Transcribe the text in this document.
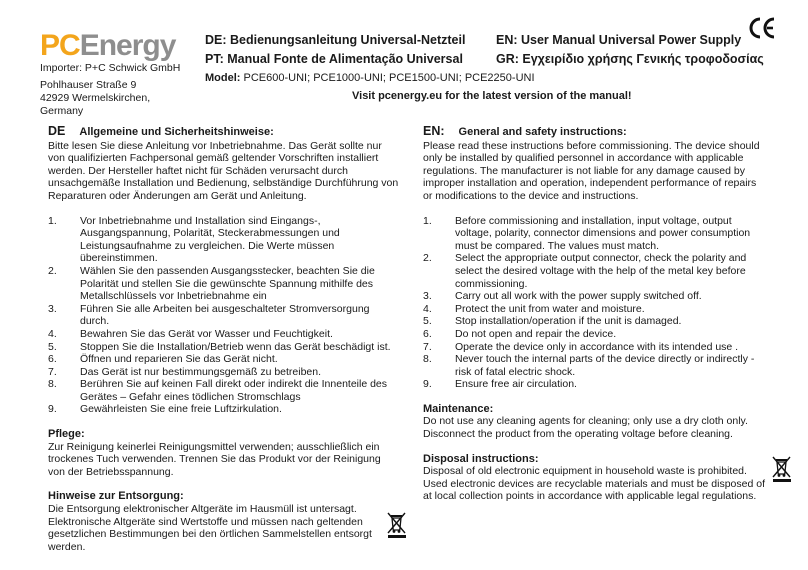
PCEnergy
Importer: P+C Schwick GmbH
Pohlhauser Straße 9
42929 Wermelskirchen,
Germany
DE: Bedienungsanleitung Universal-Netzteil
PT: Manual Fonte de Alimentação Universal
EN: User Manual Universal Power Supply
GR: Εγχειρίδιο χρήσης Γενικής τροφοδοσίας
Model: PCE600-UNI; PCE1000-UNI; PCE1500-UNI; PCE2250-UNI
Visit pcenergy.eu for the latest version of the manual!
DE Allgemeine und Sicherheitshinweise:
Bitte lesen Sie diese Anleitung vor Inbetriebnahme. Das Gerät sollte nur von qualifizierten Fachpersonal gemäß geltender Vorschriften installiert werden. Der Hersteller haftet nicht für Schäden verursacht durch unsachgemäße Installation und Bedienung, selbständige Durchführung von Reparaturen oder Änderungen am Gerät und Anleitung.
1.	Vor Inbetriebnahme und Installation sind Eingangs-, Ausgangspannung, Polarität, Steckerabmessungen und Leistungsaufnahme zu vergleichen. Die Werte müssen übereinstimmen.
2.	Wählen Sie den passenden Ausgangsstecker, beachten Sie die Polarität und stellen Sie die gewünschte Spannung mithilfe des Metallschlüssels vor Inbetriebnahme ein
3.	Führen Sie alle Arbeiten bei ausgeschalteter Stromversorgung durch.
4.	Bewahren Sie das Gerät vor Wasser und Feuchtigkeit.
5.	Stoppen Sie die Installation/Betrieb wenn das Gerät beschädigt ist.
6.	Öffnen und reparieren Sie das Gerät nicht.
7.	Das Gerät ist nur bestimmungsgemäß zu betreiben.
8.	Berühren Sie auf keinen Fall direkt oder indirekt die Innenteile des Gerätes – Gefahr eines tödlichen Stromschlags
9.	Gewährleisten Sie eine freie Luftzirkulation.
Pflege:
Zur Reinigung keinerlei Reinigungsmittel verwenden; ausschließlich ein trockenes Tuch verwenden. Trennen Sie das Produkt vor der Reinigung von der Betriebsspannung.
Hinweise zur Entsorgung:
Die Entsorgung elektronischer Altgeräte im Hausmüll ist untersagt. Elektronische Altgeräte sind Wertstoffe und müssen nach geltenden gesetzlichen Bestimmungen bei den örtlichen Sammelstellen entsorgt werden.
EN: General and safety instructions:
Please read these instructions before commissioning. The device should only be installed by qualified personnel in accordance with applicable regulations. The manufacturer is not liable for any damage caused by improper installation and operation, independent performance of repairs or modifications to the device and instructions.
1.	Before commissioning and installation, input voltage, output voltage, polarity, connector dimensions and power consumption must be compared. The values must match.
2.	Select the appropriate output connector, check the polarity and select the desired voltage with the help of the metal key before commissioning.
3.	Carry out all work with the power supply switched off.
4.	Protect the unit from water and moisture.
5.	Stop installation/operation if the unit is damaged.
6.	Do not open and repair the device.
7.	Operate the device only in accordance with its intended use .
8.	Never touch the internal parts of the device directly or indirectly - risk of fatal electric shock.
9.	Ensure free air circulation.
Maintenance:
Do not use any cleaning agents for cleaning; only use a dry cloth only. Disconnect the product from the operating voltage before cleaning.
Disposal instructions:
Disposal of old electronic equipment in household waste is prohibited. Used electronic devices are recyclable materials and must be disposed of at local collection points in accordance with applicable legal regulations.
